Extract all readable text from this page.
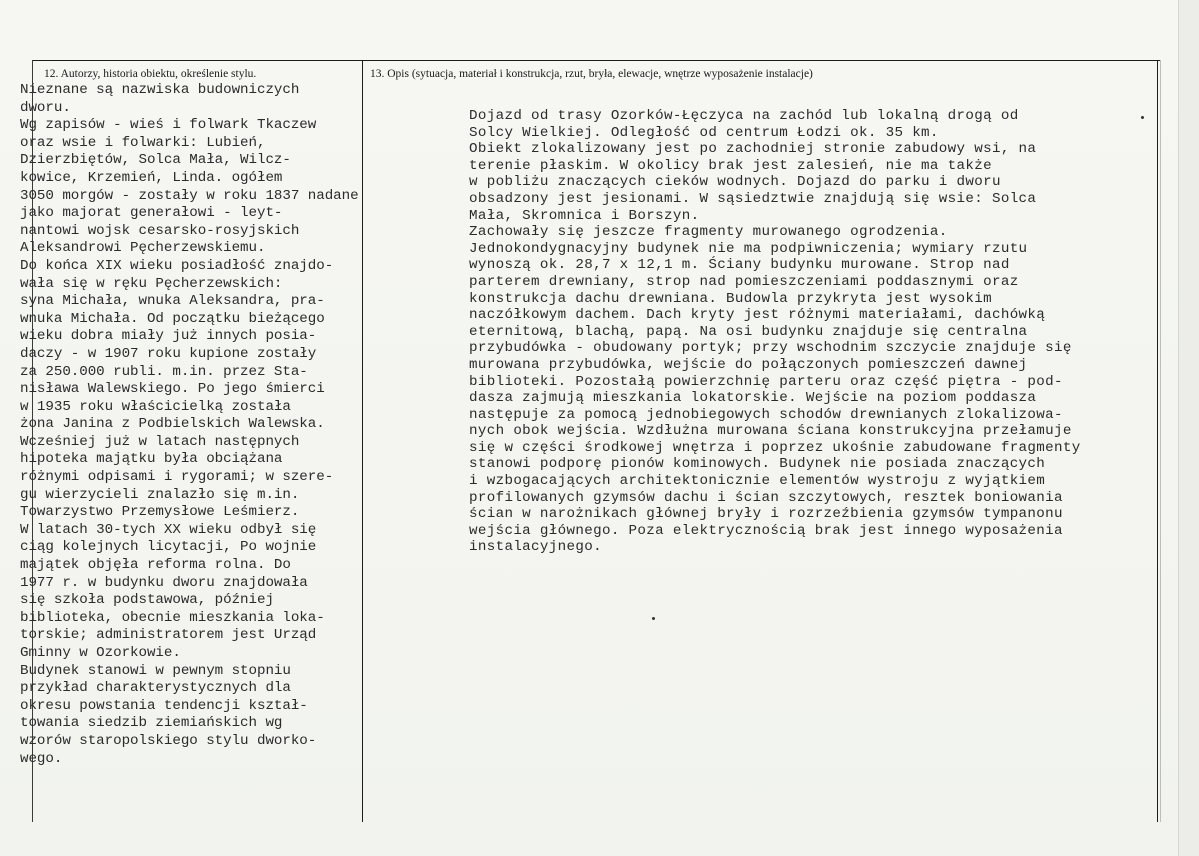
12. Autorzy, historia obiektu, określenie stylu.	13. Opis (sytuacja, materiał i konstrukcja, rzut, bryła, elewacje, wnętrze wyposażenie instalacje)
Nieznane są nazwiska budowniczych
dworu.
Wg zapisów - wieś i folwark Tkaczew
oraz wsie i folwarki: Lubień,
Dzierzbiętów, Solca Mała, Wilcz-
kowice, Krzemień, Linda. ogółem
3050 morgów - zostały w roku 1837 nadane
jako majorat generałowi - leyt-
nantowi wojsk cesarsko-rosyjskich
Aleksandrowi Pęcherzewskiemu.
Do końca XIX wieku posiadłość znajdo-
wała się w ręku Pęcherzewskich:
syna Michała, wnuka Aleksandra, pra-
wnuka Michała. Od początku bieżącego
wieku dobra miały już innych posia-
daczy - w 1907 roku kupione zostały
za 250.000 rubli. m.in. przez Sta-
nisława Walewskiego. Po jego śmierci
w 1935 roku właścicielką została
żona Janina z Podbielskich Walewska.
Wcześniej już w latach następnych
hipoteka majątku była obciążana
różnymi odpisami i rygorami; w szere-
gu wierzycieli znalazło się m.in.
Towarzystwo Przemysłowe Leśmierz.
W latach 30-tych XX wieku odbył się
ciąg kolejnych licytacji, Po wojnie
majątek objęła reforma rolna. Do
1977 r. w budynku dworu znajdowała
się szkoła podstawowa, później
biblioteka, obecnie mieszkania loka-
torskie; administratorem jest Urząd
Gminny w Ozorkowie.
Budynek stanowi w pewnym stopniu
przykład charakterystycznych dla
okresu powstania tendencji kształ-
towania siedzib ziemiańskich wg
wzorów staropolskiego stylu dworko-
wego.
Dojazd od trasy Ozorków-Łęczyca na zachód lub lokalną drogą od
Solcy Wielkiej. Odległość od centrum Łodzi ok. 35 km.
Obiekt zlokalizowany jest po zachodniej stronie zabudowy wsi, na
terenie płaskim. W okolicy brak jest zalesień, nie ma także
w pobliżu znaczących cieków wodnych. Dojazd do parku i dworu
obsadzony jest jesionami. W sąsiedztwie znajdują się wsie: Solca
Mała, Skromnica i Borszyn.
Zachowały się jeszcze fragmenty murowanego ogrodzenia.
Jednokondygnacyjny budynek nie ma podpiwniczenia; wymiary rzutu
wynoszą ok. 28,7 x 12,1 m. Ściany budynku murowane. Strop nad
parterem drewniany, strop nad pomieszczeniami poddasznymi oraz
konstrukcja dachu drewniana. Budowla przykryta jest wysokim
naczółkowym dachem. Dach kryty jest różnymi materiałami, dachówką
eternitową, blachą, papą. Na osi budynku znajduje się centralna
przybudówka - obudowany portyk; przy wschodnim szczycie znajduje się
murowana przybudówka, wejście do połączonych pomieszczeń dawnej
biblioteki. Pozostałą powierzchnię parteru oraz część piętra - pod-
dasza zajmują mieszkania lokatorskie. Wejście na poziom poddasza
następuje za pomocą jednobiegowych schodów drewnianych zlokalizowa-
nych obok wejścia. Wzdłużna murowana ściana konstrukcyjna przełamuje
się w części środkowej wnętrza i poprzez ukośnie zabudowane fragmenty
stanowi podporę pionów kominowych. Budynek nie posiada znaczących
i wzbogacających architektonicznie elementów wystroju z wyjątkiem
profilowanych gzymsów dachu i ścian szczytowych, resztek boniowania
ścian w narożnikach głównej bryły i rozrzeźbienia gzymsów tympanonu
wejścia głównego. Poza elektrycznością brak jest innego wyposażenia
instalacyjnego.
